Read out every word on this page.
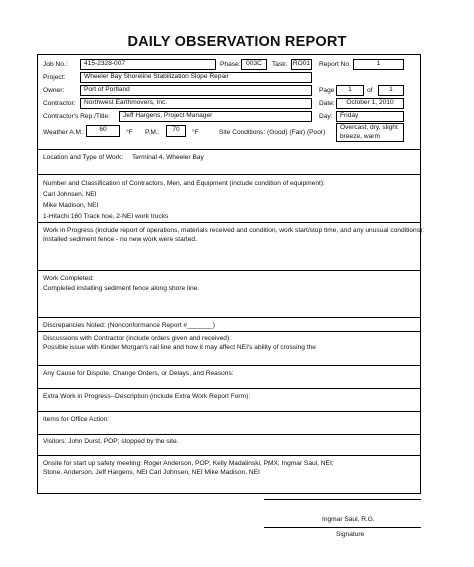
DAILY OBSERVATION REPORT
Job No.:	415-2328-007	Phase: 003C	Task: RO01 Report No.	1
Project:	Wheeler Bay Shoreline Stabilization Slope Repair
Owner:	Port of Portland	Page	1	of	1
Contractor:	Northwest Earthmovers, Inc.	Date:	October 1, 2010
Contractor's Rep./Title:	Jeff Hargens, Project Manager	Day:	Friday
Weather A.M.:	60	°F P.M.:	70	°F	Site Conditions: (Good) (Fair) (Poor)
Overcast, dry, slight breeze, warm
Location and Type of Work: Terminal 4, Wheeler Bay
Number and Classification of Contractors, Men, and Equipment (include condition of equipment):
Carl Johnsen, NEI
Mike Madison, NEI
1-Hitachi 160 Track hoe, 2-NEI work trucks
Work in Progress (include report of operations, materials received and condition, work start/stop time, and any unusual conditions):
Installed sediment fence - no new work were started.
Work Completed:
Completed installing sediment fence along shore line.
Discrepancies Noted: (Nonconformance Report #_______)
Discussions with Contractor (include orders given and received):
Possible issue with Kinder Morgan's rail line and how it may affect NEI's ability of crossing the
Any Cause for Dispute, Change Orders, or Delays, and Reasons:
Extra Work in Progress--Description (include Extra Work Report Form):
Items for Office Action:
Visitors: John Durst, POP; stopped by the site.
Onsite for start up safety meeting: Roger Anderson, POP; Kelly Madalinski, PMX; Ingmar Saul, NEI;
Stone, Anderson, Jeff Hargens, NEI Carl Johnsen, NEI Mike Madison, NEI
Ingmar Saul, R.G.
Signature
